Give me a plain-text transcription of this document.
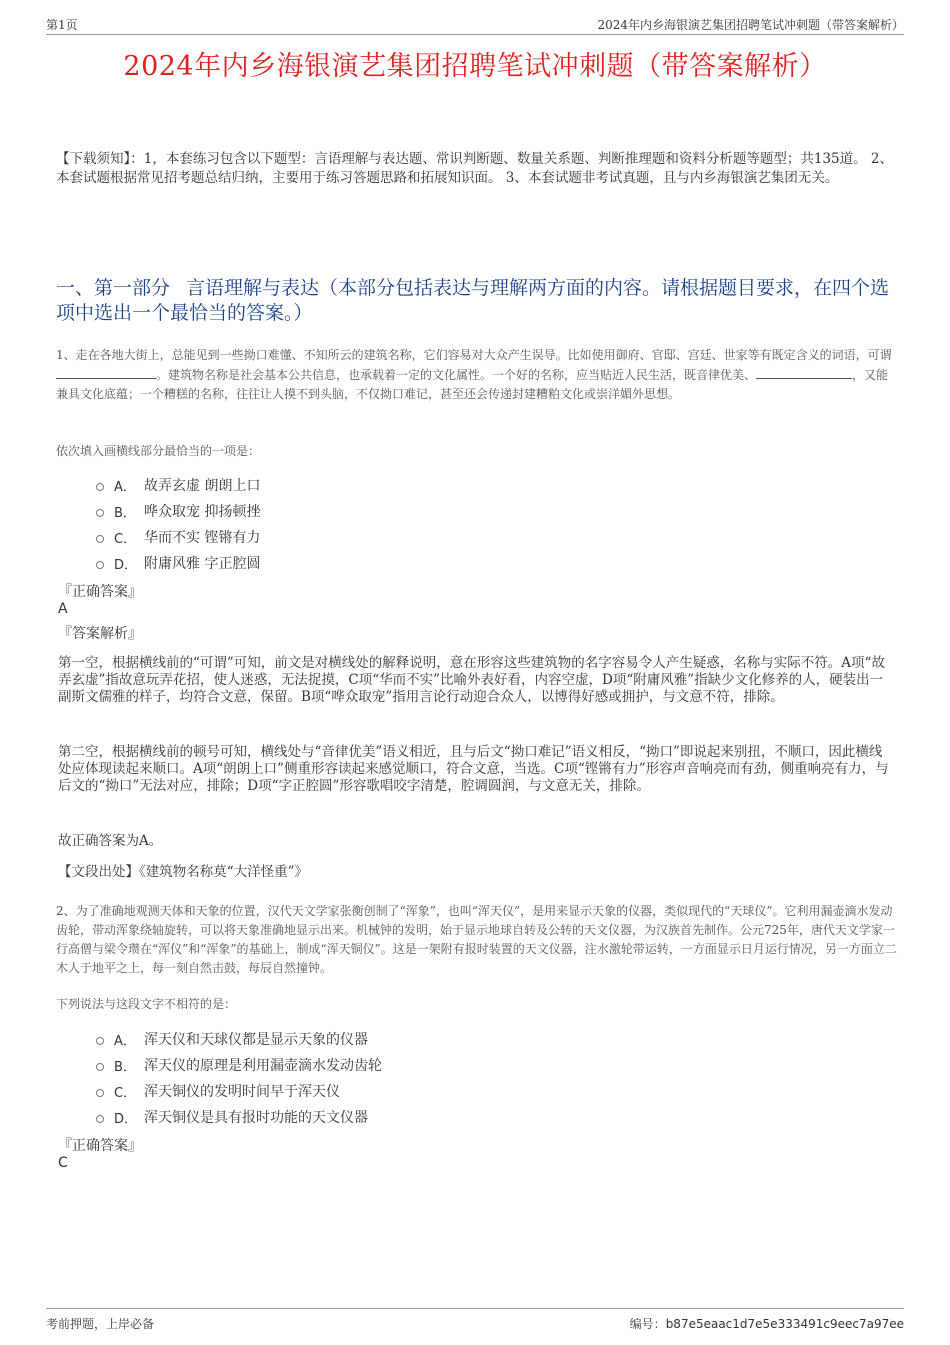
第1页	2024年内乡海银演艺集团招聘笔试冲刺题（带答案解析）
2024年内乡海银演艺集团招聘笔试冲刺题（带答案解析）
【下载须知】：1，本套练习包含以下题型：言语理解与表达题、常识判断题、数量关系题、判断推理题和资料分析题等题型；共135道。 2、本套试题根据常见招考题总结归纳，主要用于练习答题思路和拓展知识面。 3、本套试题非考试真题，且与内乡海银演艺集团无关。
一、第一部分 言语理解与表达（本部分包括表达与理解两方面的内容。请根据题目要求，在四个选项中选出一个最恰当的答案。）
1、走在各地大街上，总能见到一些拗口难懂、不知所云的建筑名称，它们容易对大众产生误导。比如使用御府、官邸、宫廷、世家等有既定含义的词语，可谓。建筑物名称是社会基本公共信息，也承载着一定的文化属性。一个好的名称，应当贴近人民生活，既音律优美、	，又能兼具文化底蕴；一个糟糕的名称，往往让人摸不到头脑，不仅拗口难记，甚至还会传递封建糟粕文化或崇洋媚外思想。
依次填入画横线部分最恰当的一项是：
A． 故弄玄虚 朗朗上口
B． 哗众取宠 抑扬顿挫
C． 华而不实 铿锵有力
D． 附庸风雅 字正腔圆
『正确答案』
A
『答案解析』
第一空，根据横线前的“可谓”可知，前文是对横线处的解释说明，意在形容这些建筑物的名字容易令人产生疑惑，名称与实际不符。A项“故弄玄虚”指故意玩弄花招，使人迷惑，无法捉摸，C项“华而不实”比喻外表好看，内容空虚，D项“附庸风雅”指缺少文化修养的人，硬装出一副斯文儒雅的样子，均符合文意，保留。B项“哗众取宠”指用言论行动迎合众人，以博得好感或拥护，与文意不符，排除。
第二空，根据横线前的顿号可知，横线处与“音律优美”语义相近，且与后文“拗口难记”语义相反，“拗口”即说起来别扭，不顺口，因此横线处应体现读起来顺口。A项“朗朗上口”侧重形容读起来感觉顺口，符合文意，当选。C项“铿锵有力”形容声音响亮而有劲，侧重响亮有力，与后文的“拗口”无法对应，排除；D项“字正腔圆”形容歌唱咬字清楚，腔调圆润，与文意无关，排除。
故正确答案为A。
【文段出处】《建筑物名称莫“大洋怪重”》
2、为了准确地观测天体和天象的位置，汉代天文学家张衡创制了“浑象”，也叫“浑天仪”，是用来显示天象的仪器，类似现代的“天球仪”。它利用漏壶滴水发动齿轮，带动浑象绕轴旋转，可以将天象准确地显示出来。机械钟的发明，始于显示地球自转及公转的天文仪器，为汉族首先制作。公元725年，唐代天文学家一行高僧与梁令瓒在“浑仪”和“浑象”的基础上，制成“浑天铜仪”。这是一架附有报时装置的天文仪器，注水激轮带运转，一方面显示日月运行情况，另一方面立二木人于地平之上，每一刻自然击鼓，每辰自然撞钟。
下列说法与这段文字不相符的是：
A． 浑天仪和天球仪都是显示天象的仪器
B． 浑天仪的原理是利用漏壶滴水发动齿轮
C． 浑天铜仪的发明时间早于浑天仪
D． 浑天铜仪是具有报时功能的天文仪器
『正确答案』
C
考前押题，上岸必备	编号：b87e5eaac1d7e5e333491c9eec7a97ee
